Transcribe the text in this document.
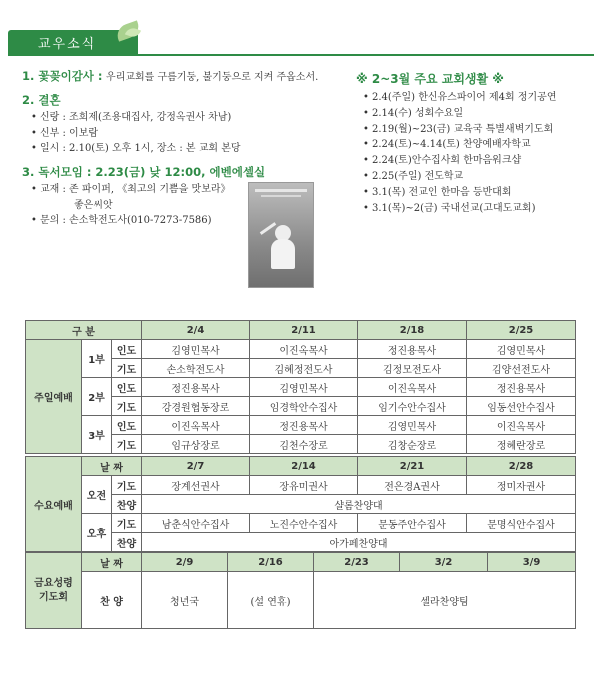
교우소식
1. 꽃꽂이감사 : 우리교회를 구름기둥, 불기둥으로 지켜 주옵소서.
2. 결혼
• 신랑 : 조희제(조용대집사, 강정옥권사 차남)
• 신부 : 이보람
• 일시 : 2.10(토) 오후 1시, 장소 : 본 교회 본당
3. 독서모임 : 2.23(금) 낮 12:00, 에벤에셀실
• 교재 : 존 파이퍼, 《최고의 기쁨을 맛보라》
좋은씨앗
• 문의 : 손소학전도사(010-7273-7586)
※ 2~3월 주요 교회생활 ※
• 2.4(주일) 한신유스파이어 제4회 정기공연
• 2.14(수) 성회수요일
• 2.19(월)~23(금) 교육국 특별새벽기도회
• 2.24(토)~4.14(토) 찬양예배자학교
• 2.24(토)안수집사회 한마음워크샵
• 2.25(주일) 전도학교
• 3.1(목) 전교인 한마음 등반대회
• 3.1(목)~2(금) 국내선교(고대도교회)
구 분			2/4	2/11	2/18	2/25
주일예배	1부	인도	김영민목사	이진옥목사	정진용목사	김영민목사
		기도	손소학전도사	김혜정전도사	김정모전도사	김양선전도사
	2부	인도	정진용목사	김영민목사	이진옥목사	정진용목사
		기도	강경원협동장로	임경학안수집사	임기수안수집사	임동선안수집사
	3부	인도	이진옥목사	정진용목사	김영민목사	이진옥목사
		기도	임규상장로	김천수장로	김창순장로	정혜란장로
수요예배	날 짜		2/7	2/14	2/21	2/28
	오전	기도	장계선권사	장유미권사	전은경A권사	정미자권사
		찬양	샬롬찬양대			
	오후	기도	남춘식안수집사	노진수안수집사	문동주안수집사	문명식안수집사
		찬양	아가페찬양대			
금요성령
기도회	날 짜	2/9	2/16	2/23	3/2	3/9
	찬 양	청년국	(설 연휴)	셀라찬양팀		
